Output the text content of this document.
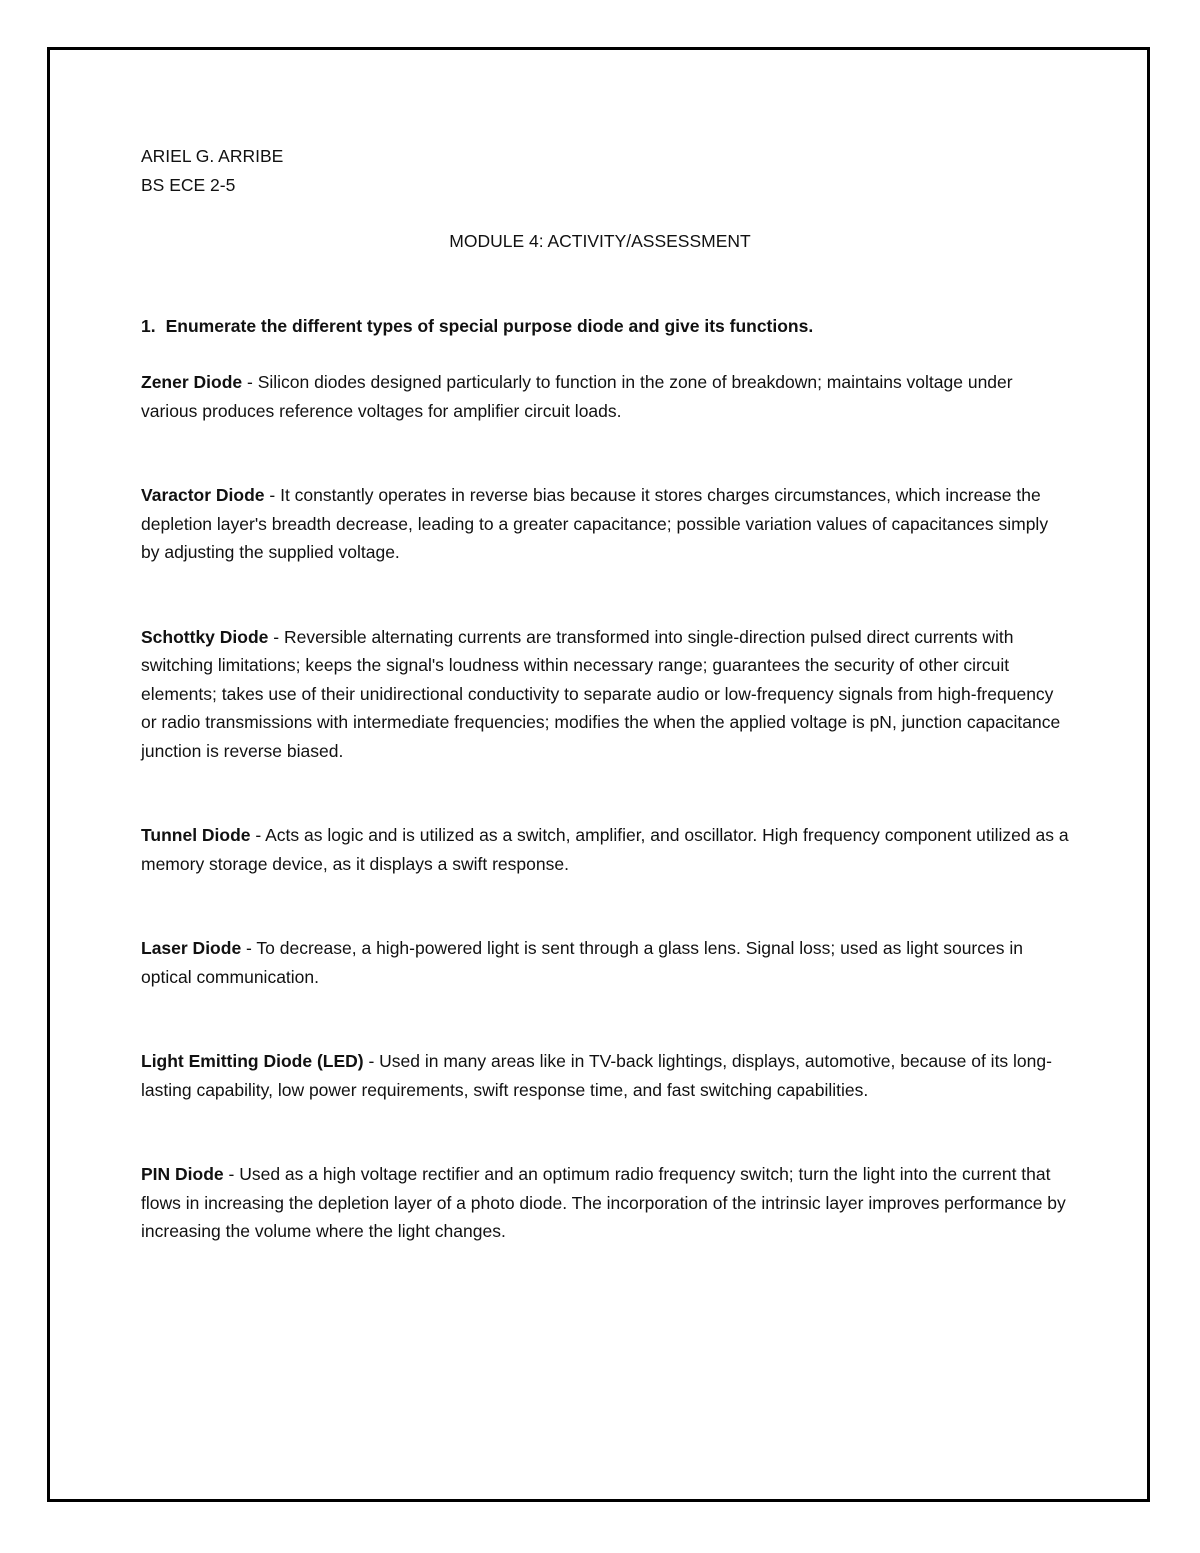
ARIEL G. ARRIBE

BS ECE 2-5

MODULE 4: ACTIVITY/ASSESSMENT

1. Enumerate the different types of special purpose diode and give its functions.

Zener Diode - Silicon diodes designed particularly to function in the zone of breakdown; maintains voltage under various produces reference voltages for amplifier circuit loads.

Varactor Diode - It constantly operates in reverse bias because it stores charges circumstances, which increase the depletion layer's breadth decrease, leading to a greater capacitance; possible variation values of capacitances simply by adjusting the supplied voltage.

Schottky Diode - Reversible alternating currents are transformed into single-direction pulsed direct currents with switching limitations; keeps the signal's loudness within necessary range; guarantees the security of other circuit elements; takes use of their unidirectional conductivity to separate audio or low-frequency signals from high-frequency or radio transmissions with intermediate frequencies; modifies the when the applied voltage is pN, junction capacitance junction is reverse biased.

Tunnel Diode - Acts as logic and is utilized as a switch, amplifier, and oscillator. High frequency component utilized as a memory storage device, as it displays a swift response.

Laser Diode - To decrease, a high-powered light is sent through a glass lens. Signal loss; used as light sources in optical communication.

Light Emitting Diode (LED) - Used in many areas like in TV-back lightings, displays, automotive, because of its long-lasting capability, low power requirements, swift response time, and fast switching capabilities.

PIN Diode - Used as a high voltage rectifier and an optimum radio frequency switch; turn the light into the current that flows in increasing the depletion layer of a photo diode. The incorporation of the intrinsic layer improves performance by increasing the volume where the light changes.
